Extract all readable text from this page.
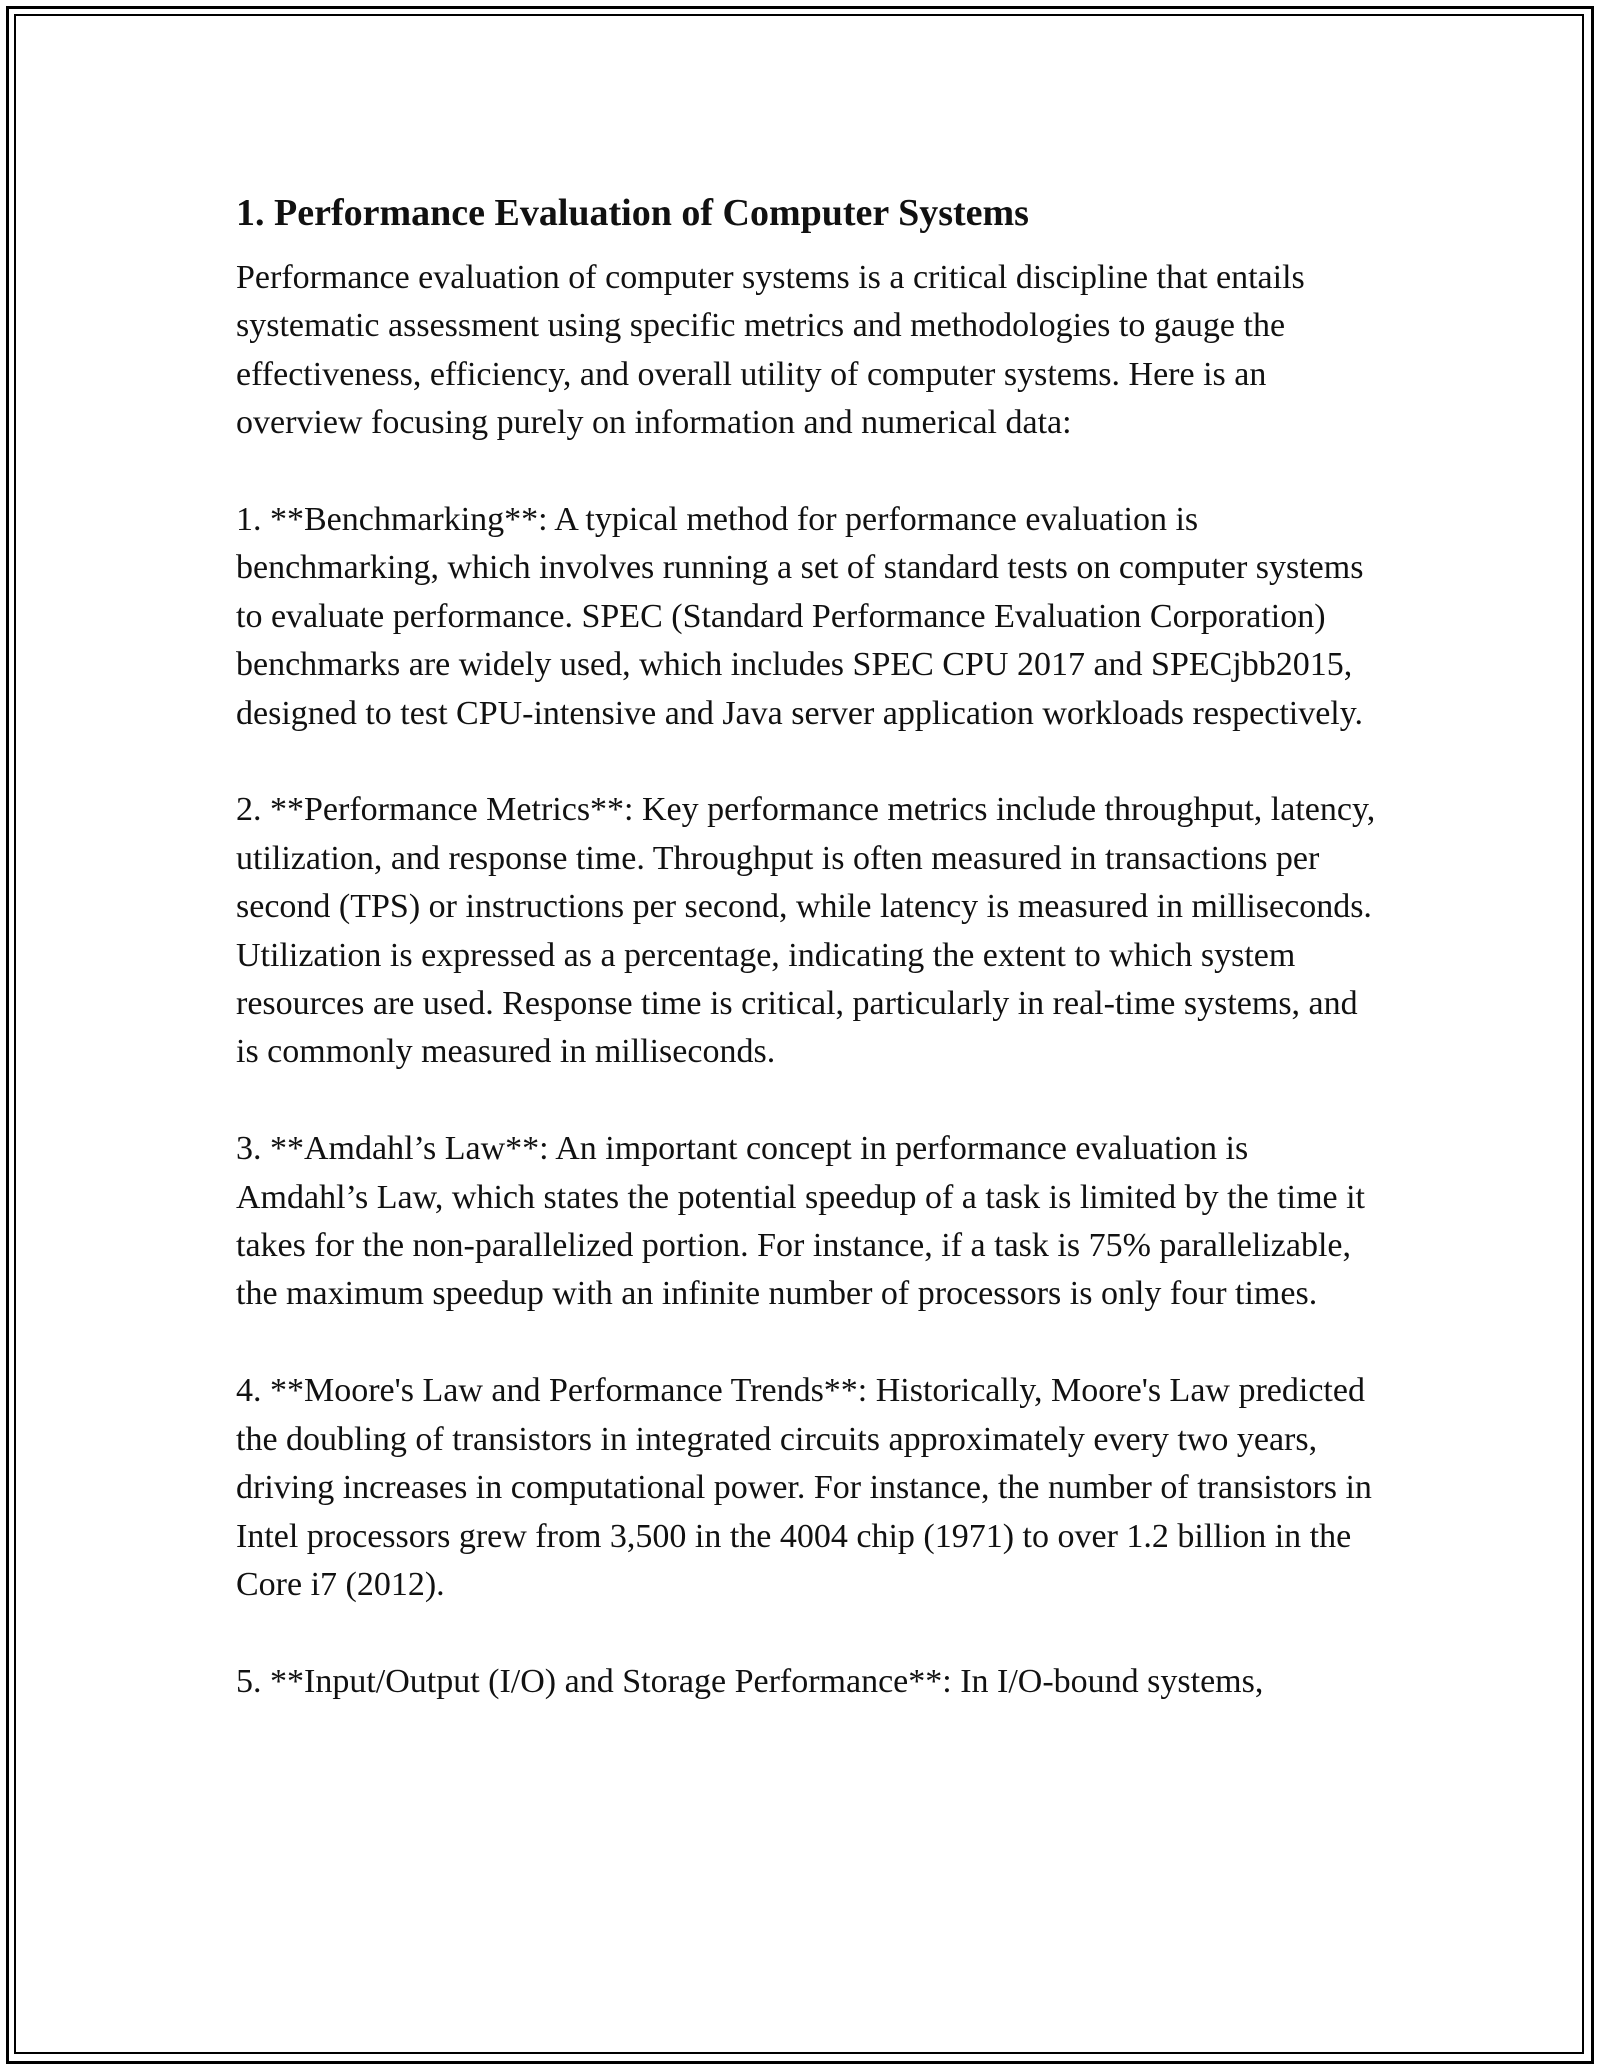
1. Performance Evaluation of Computer Systems

Performance evaluation of computer systems is a critical discipline that entails systematic assessment using specific metrics and methodologies to gauge the effectiveness, efficiency, and overall utility of computer systems. Here is an overview focusing purely on information and numerical data:

1. **Benchmarking**: A typical method for performance evaluation is benchmarking, which involves running a set of standard tests on computer systems to evaluate performance. SPEC (Standard Performance Evaluation Corporation) benchmarks are widely used, which includes SPEC CPU 2017 and SPECjbb2015, designed to test CPU-intensive and Java server application workloads respectively.

2. **Performance Metrics**: Key performance metrics include throughput, latency, utilization, and response time. Throughput is often measured in transactions per second (TPS) or instructions per second, while latency is measured in milliseconds. Utilization is expressed as a percentage, indicating the extent to which system resources are used. Response time is critical, particularly in real-time systems, and is commonly measured in milliseconds.

3. **Amdahl’s Law**: An important concept in performance evaluation is Amdahl’s Law, which states the potential speedup of a task is limited by the time it takes for the non-parallelized portion. For instance, if a task is 75% parallelizable, the maximum speedup with an infinite number of processors is only four times.

4. **Moore's Law and Performance Trends**: Historically, Moore's Law predicted the doubling of transistors in integrated circuits approximately every two years, driving increases in computational power. For instance, the number of transistors in Intel processors grew from 3,500 in the 4004 chip (1971) to over 1.2 billion in the Core i7 (2012).

5. **Input/Output (I/O) and Storage Performance**: In I/O-bound systems,
